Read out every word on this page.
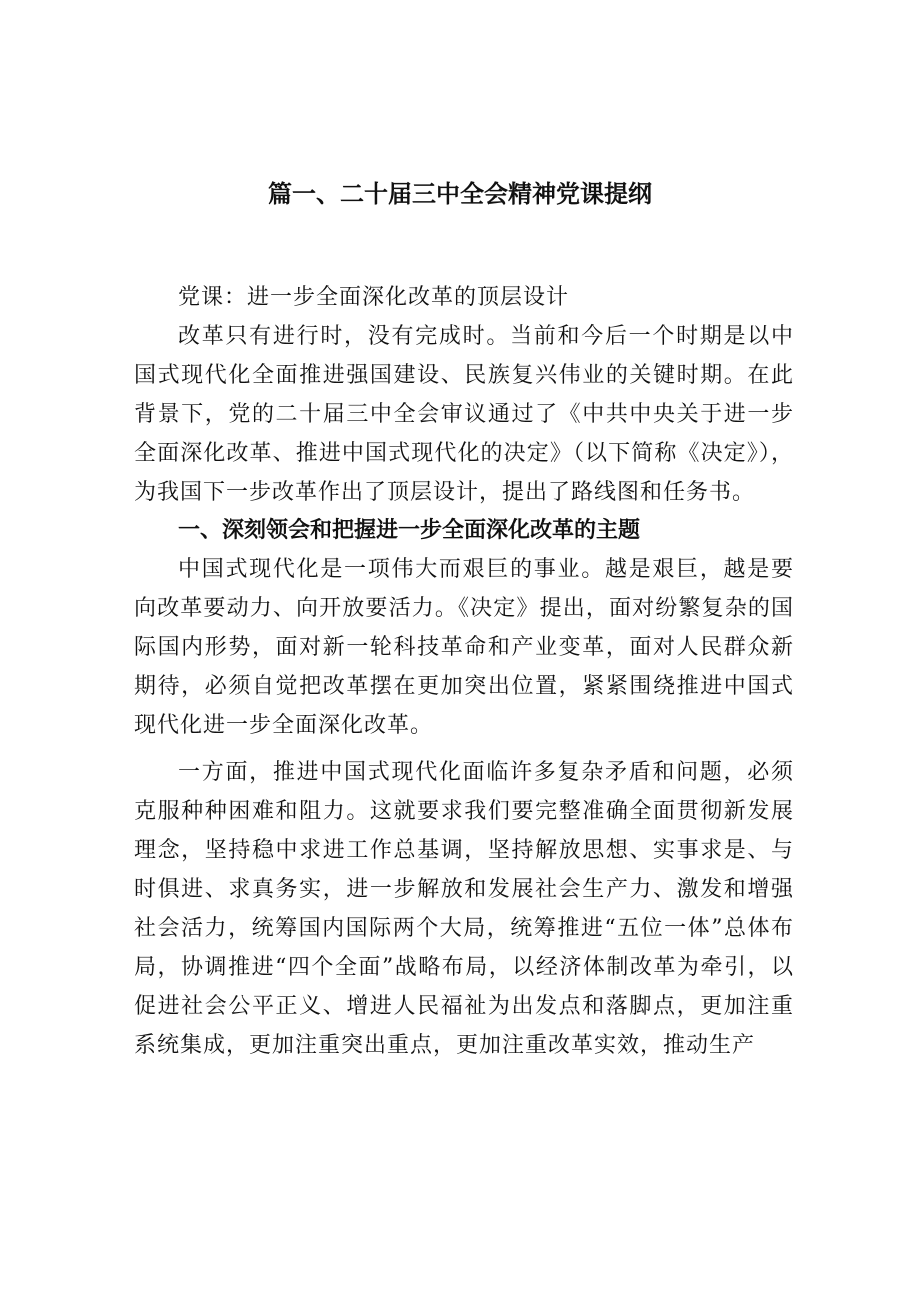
篇一、二十届三中全会精神党课提纲

党课：进一步全面深化改革的顶层设计

改革只有进行时，没有完成时。当前和今后一个时期是以中国式现代化全面推进强国建设、民族复兴伟业的关键时期。在此背景下，党的二十届三中全会审议通过了《中共中央关于进一步全面深化改革、推进中国式现代化的决定》（以下简称《决定》），为我国下一步改革作出了顶层设计，提出了路线图和任务书。

一、深刻领会和把握进一步全面深化改革的主题

中国式现代化是一项伟大而艰巨的事业。越是艰巨，越是要向改革要动力、向开放要活力。《决定》提出，面对纷繁复杂的国际国内形势，面对新一轮科技革命和产业变革，面对人民群众新期待，必须自觉把改革摆在更加突出位置，紧紧围绕推进中国式现代化进一步全面深化改革。

一方面，推进中国式现代化面临许多复杂矛盾和问题，必须克服种种困难和阻力。这就要求我们要完整准确全面贯彻新发展理念，坚持稳中求进工作总基调，坚持解放思想、实事求是、与时俱进、求真务实，进一步解放和发展社会生产力、激发和增强社会活力，统筹国内国际两个大局，统筹推进“五位一体”总体布局，协调推进“四个全面”战略布局，以经济体制改革为牵引，以促进社会公平正义、增进人民福祉为出发点和落脚点，更加注重系统集成，更加注重突出重点，更加注重改革实效，推动生产
